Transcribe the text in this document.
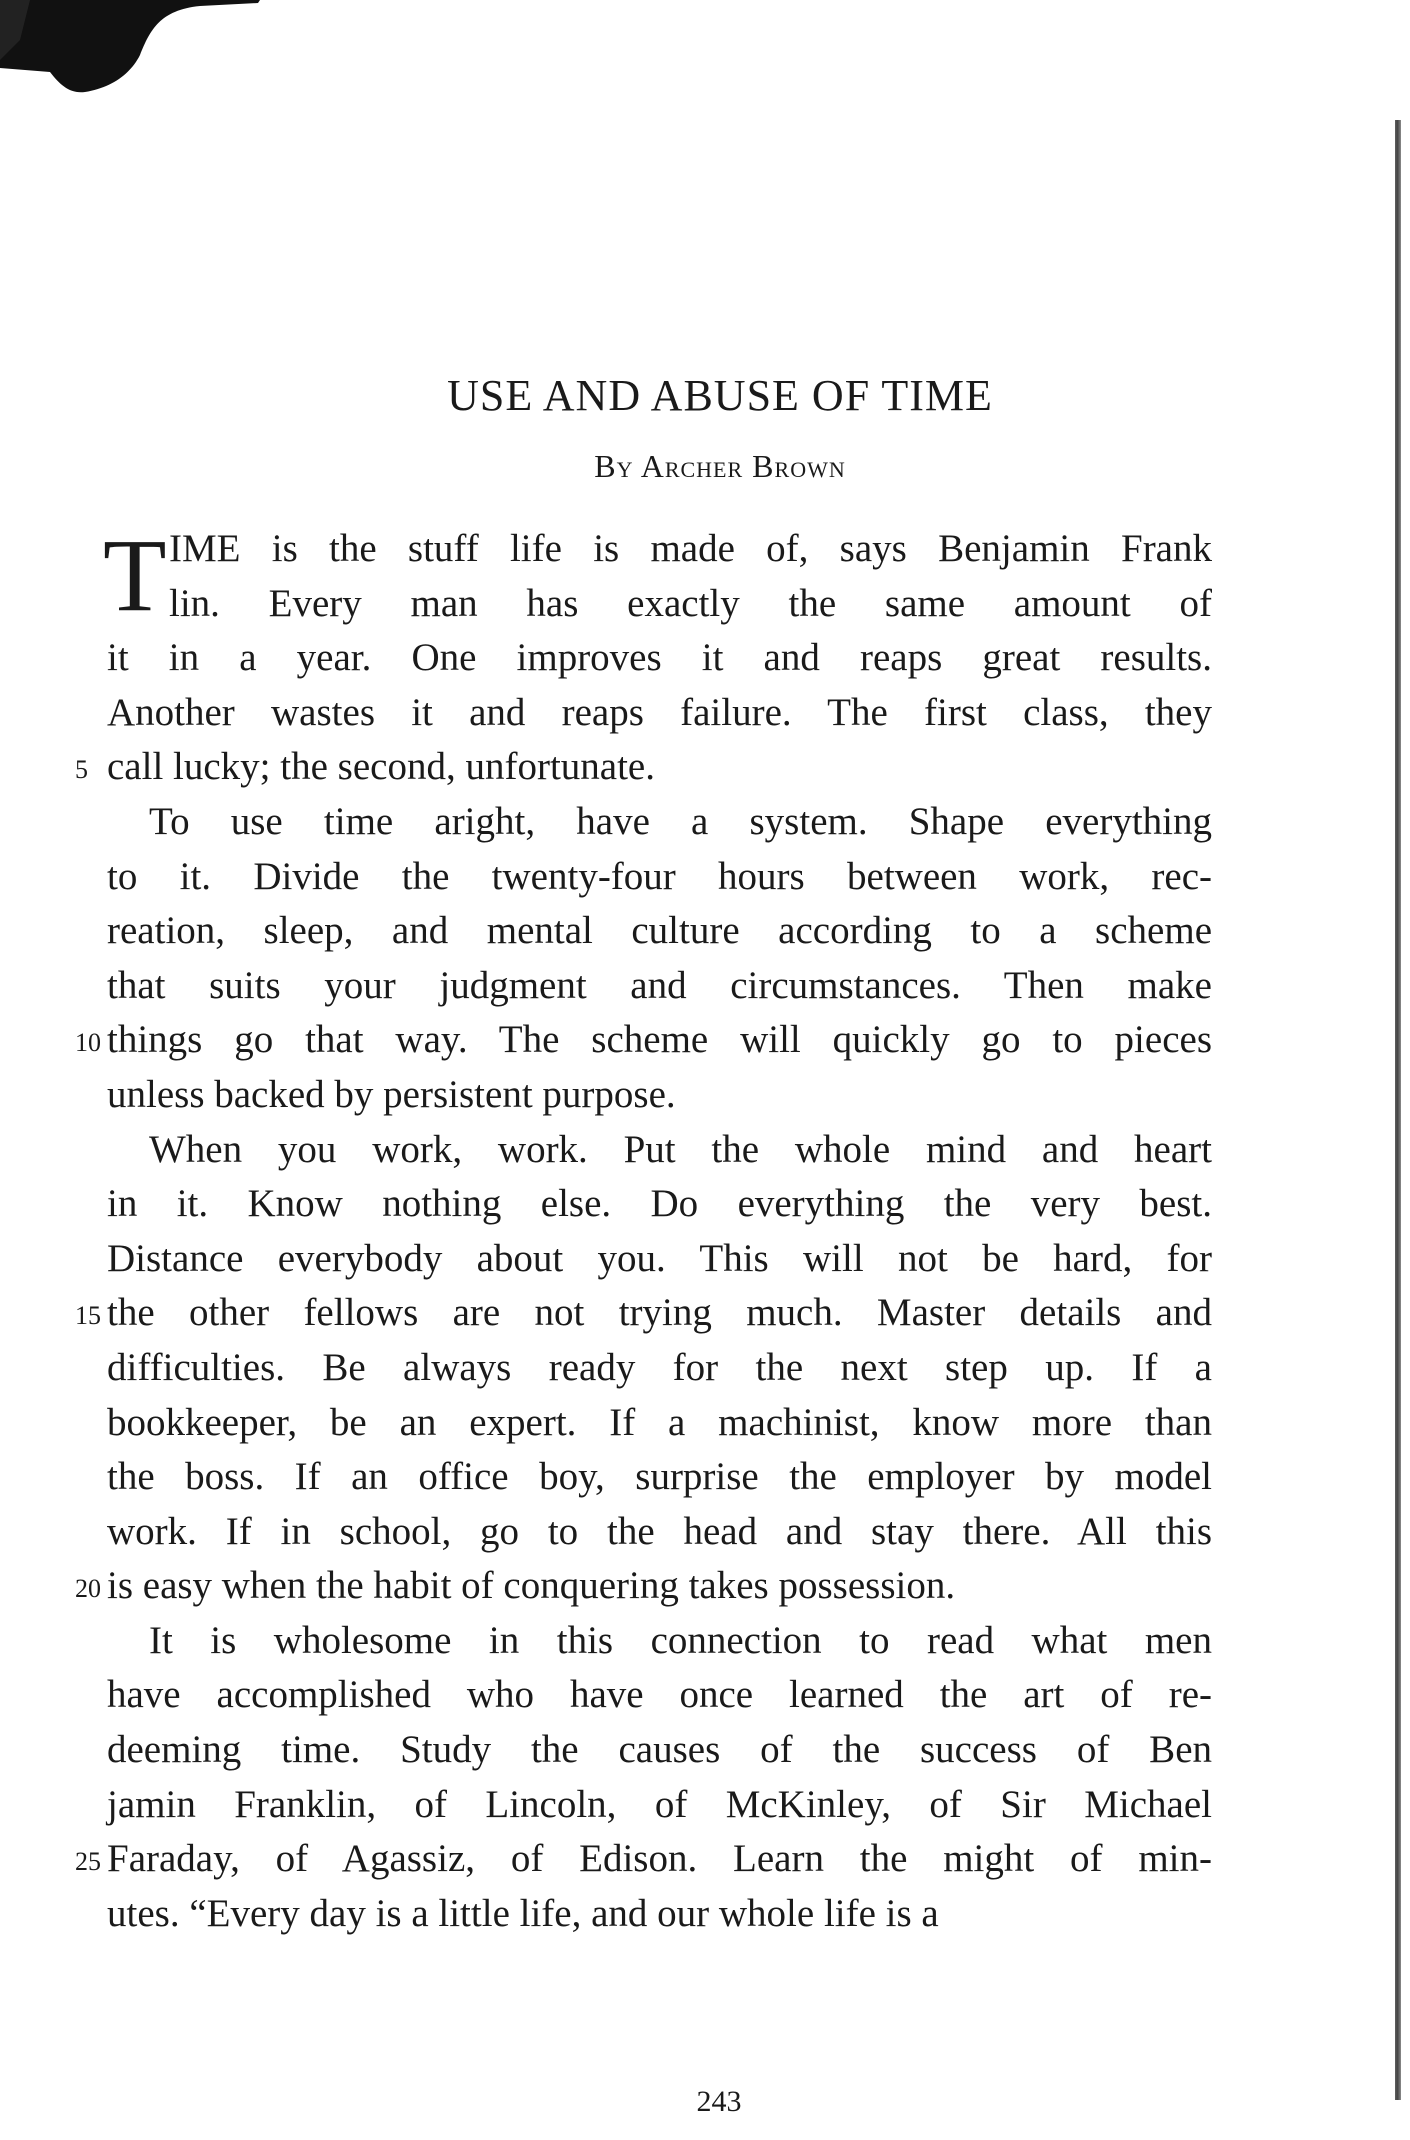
USE AND ABUSE OF TIME
By Archer Brown
T IME is the stuff life is made of, says Benjamin Frank
lin. Every man has exactly the same amount of
it in a year. One improves it and reaps great results.
Another wastes it and reaps failure. The first class, they
call lucky; the second, unfortunate.
5
To use time aright, have a system. Shape everything
to it. Divide the twenty-four hours between work, rec-
reation, sleep, and mental culture according to a scheme
that suits your judgment and circumstances. Then make
things go that way. The scheme will quickly go to pieces
10
unless backed by persistent purpose.
When you work, work. Put the whole mind and heart
in it. Know nothing else. Do everything the very best.
Distance everybody about you. This will not be hard, for
the other fellows are not trying much. Master details and
15
difficulties. Be always ready for the next step up. If a
bookkeeper, be an expert. If a machinist, know more than
the boss. If an office boy, surprise the employer by model
work. If in school, go to the head and stay there. All this
is easy when the habit of conquering takes possession.
20
It is wholesome in this connection to read what men
have accomplished who have once learned the art of re-
deeming time. Study the causes of the success of Ben
jamin Franklin, of Lincoln, of McKinley, of Sir Michael
Faraday, of Agassiz, of Edison. Learn the might of min-
25
utes. “Every day is a little life, and our whole life is a
243
